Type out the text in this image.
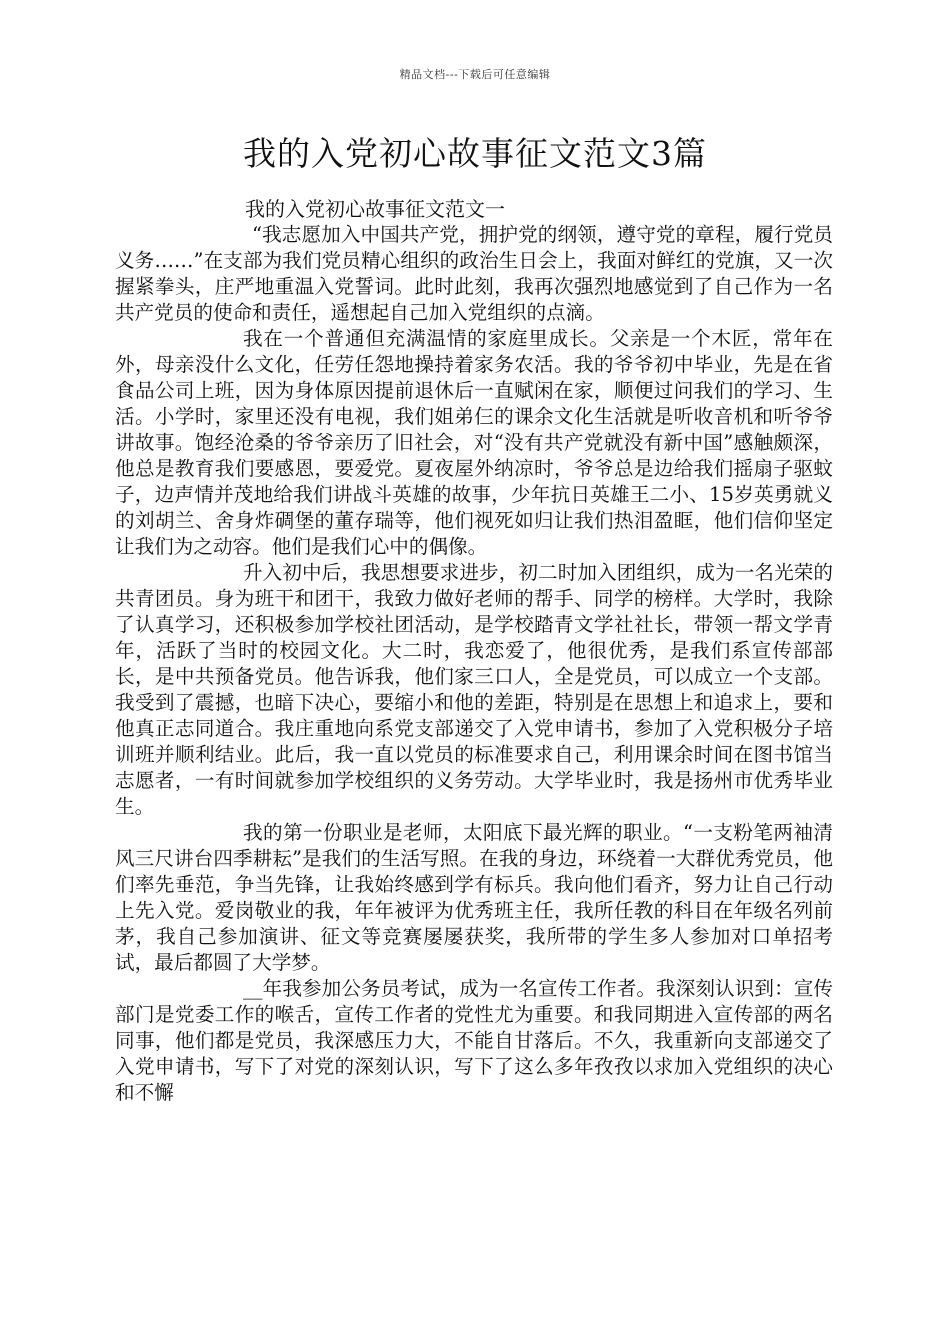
精品文档---下载后可任意编辑
我的入党初心故事征文范文3篇

我的入党初心故事征文范文一

“我志愿加入中国共产党，拥护党的纲领，遵守党的章程，履行党员义务……”在支部为我们党员精心组织的政治生日会上，我面对鲜红的党旗，又一次握紧拳头，庄严地重温入党誓词。此时此刻，我再次强烈地感觉到了自己作为一名共产党员的使命和责任，遥想起自己加入党组织的点滴。

我在一个普通但充满温情的家庭里成长。父亲是一个木匠，常年在外，母亲没什么文化，任劳任怨地操持着家务农活。我的爷爷初中毕业，先是在省食品公司上班，因为身体原因提前退休后一直赋闲在家，顺便过问我们的学习、生活。小学时，家里还没有电视，我们姐弟仨的课余文化生活就是听收音机和听爷爷讲故事。饱经沧桑的爷爷亲历了旧社会，对“没有共产党就没有新中国”感触颇深，他总是教育我们要感恩，要爱党。夏夜屋外纳凉时，爷爷总是边给我们摇扇子驱蚊子，边声情并茂地给我们讲战斗英雄的故事，少年抗日英雄王二小、15岁英勇就义的刘胡兰、舍身炸碉堡的董存瑞等，他们视死如归让我们热泪盈眶，他们信仰坚定让我们为之动容。他们是我们心中的偶像。

升入初中后，我思想要求进步，初二时加入团组织，成为一名光荣的共青团员。身为班干和团干，我致力做好老师的帮手、同学的榜样。大学时，我除了认真学习，还积极参加学校社团活动，是学校踏青文学社社长，带领一帮文学青年，活跃了当时的校园文化。大二时，我恋爱了，他很优秀，是我们系宣传部部长，是中共预备党员。他告诉我，他们家三口人，全是党员，可以成立一个支部。我受到了震撼，也暗下决心，要缩小和他的差距，特别是在思想上和追求上，要和他真正志同道合。我庄重地向系党支部递交了入党申请书，参加了入党积极分子培训班并顺利结业。此后，我一直以党员的标准要求自己，利用课余时间在图书馆当志愿者，一有时间就参加学校组织的义务劳动。大学毕业时，我是扬州市优秀毕业生。

我的第一份职业是老师，太阳底下最光辉的职业。“一支粉笔两袖清风三尺讲台四季耕耘”是我们的生活写照。在我的身边，环绕着一大群优秀党员，他们率先垂范，争当先锋，让我始终感到学有标兵。我向他们看齐，努力让自己行动上先入党。爱岗敬业的我，年年被评为优秀班主任，我所任教的科目在年级名列前茅，我自己参加演讲、征文等竞赛屡屡获奖，我所带的学生多人参加对口单招考试，最后都圆了大学梦。

__年我参加公务员考试，成为一名宣传工作者。我深刻认识到：宣传部门是党委工作的喉舌，宣传工作者的党性尤为重要。和我同期进入宣传部的两名同事，他们都是党员，我深感压力大，不能自甘落后。不久，我重新向支部递交了入党申请书，写下了对党的深刻认识，写下了这么多年孜孜以求加入党组织的决心和不懈
